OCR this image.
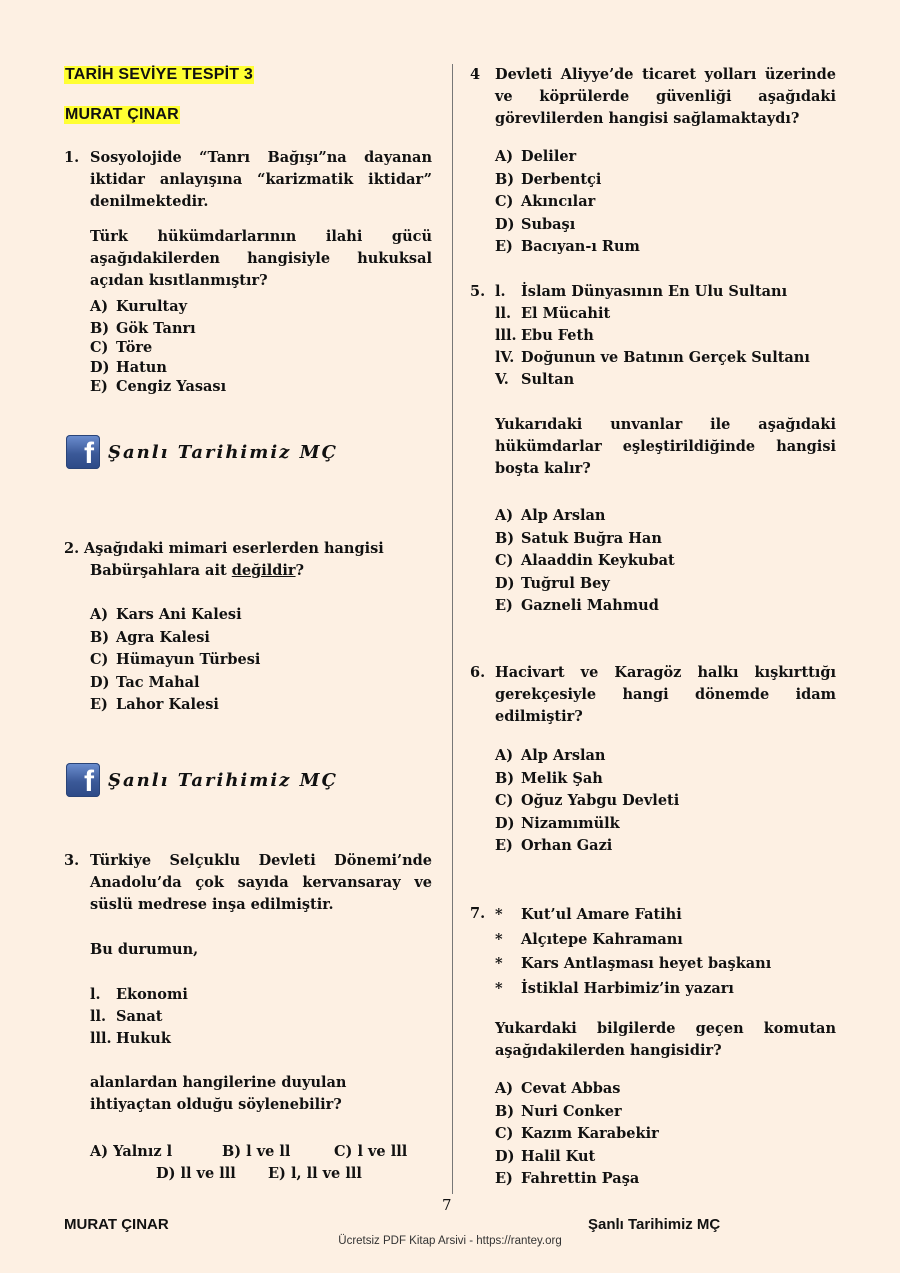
TARİH SEVİYE TESPİT 3
MURAT ÇINAR
1. Sosyolojide “Tanrı Bağışı”na dayanan iktidar anlayışına “karizmatik iktidar” denilmektedir.
Türk hükümdarlarının ilahi gücü aşağıdakilerden hangisiyle hukuksal açıdan kısıtlanmıştır?
A) Kurultay
B) Gök Tanrı
C) Töre
D) Hatun
E) Cengiz Yasası
f Şanlı Tarihimiz MÇ
2. Aşağıdaki mimari eserlerden hangisi
Babürşahlara ait değildir?
A) Kars Ani Kalesi
B) Agra Kalesi
C) Hümayun Türbesi
D) Tac Mahal
E) Lahor Kalesi
f Şanlı Tarihimiz MÇ
3. Türkiye Selçuklu Devleti Dönemi’nde Anadolu’da çok sayıda kervansaray ve süslü medrese inşa edilmiştir.
Bu durumun,
l. Ekonomi
ll. Sanat
lll. Hukuk
alanlardan hangilerine duyulan  ihtiyaçtan olduğu söylenebilir?
A) Yalnız l	B) l ve ll	C) l ve lll
D) ll ve lll E) l, ll ve lll
4 Devleti Aliyye’de ticaret yolları üzerinde ve köprülerde güvenliği aşağıdaki görevlilerden hangisi sağlamaktaydı?
A) Deliler
B) Derbentçi
C) Akıncılar
D) Subaşı
E) Bacıyan-ı Rum
5. l. İslam Dünyasının En Ulu Sultanı
ll. El Mücahit
lll. Ebu Feth
lV. Doğunun ve Batının Gerçek Sultanı
V. Sultan
Yukarıdaki unvanlar ile aşağıdaki hükümdarlar eşleştirildiğinde hangisi boşta kalır?
A) Alp Arslan
B) Satuk Buğra Han
C) Alaaddin Keykubat
D) Tuğrul Bey
E) Gazneli Mahmud
6. Hacivart ve Karagöz halkı kışkırttığı gerekçesiyle hangi dönemde idam edilmiştir?
A) Alp Arslan
B) Melik Şah
C) Oğuz Yabgu Devleti
D) Nizamımülk
E) Orhan Gazi
7. * Kut’ul Amare Fatihi
* Alçıtepe Kahramanı
* Kars Antlaşması heyet başkanı
* İstiklal Harbimiz’in yazarı
Yukardaki bilgilerde geçen komutan aşağıdakilerden hangisidir?
A) Cevat Abbas
B) Nuri Conker
C) Kazım Karabekir
D) Halil Kut
E) Fahrettin Paşa
7
MURAT ÇINAR	Şanlı Tarihimiz MÇ
Ücretsiz PDF Kitap Arsivi - https://rantey.org
